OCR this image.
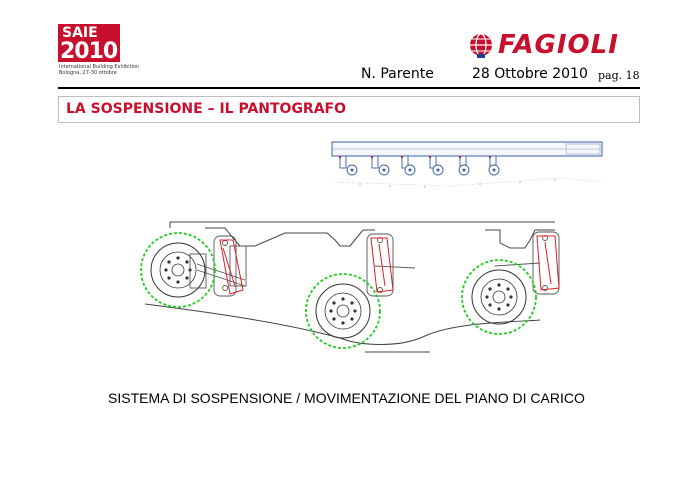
SAIE
2010
International Building Exhibition
Bologna, 27-30 ottobre
FAGIOLI
N. Parente	28 Ottobre 2010 pag. 18
LA SOSPENSIONE – IL PANTOGRAFO
SISTEMA DI SOSPENSIONE / MOVIMENTAZIONE DEL PIANO DI CARICO
